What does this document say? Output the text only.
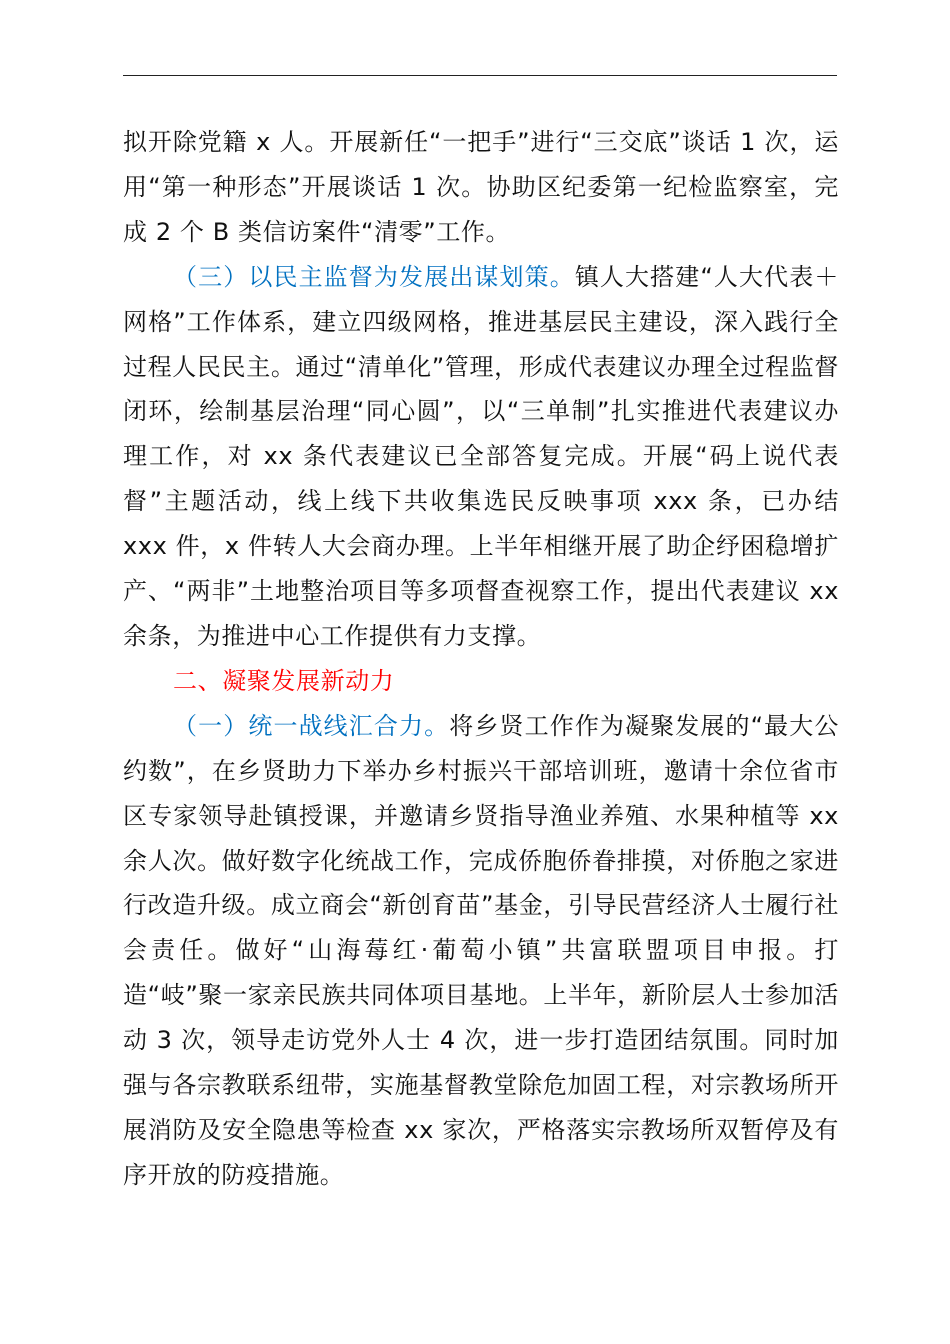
拟开除党籍 x 人。开展新任“一把手”进行“三交底”谈话 1 次，运用“第一种形态”开展谈话 1 次。协助区纪委第一纪检监察室，完成 2 个 B 类信访案件“清零”工作。

（三）以民主监督为发展出谋划策。镇人大搭建“人大代表＋网格”工作体系，建立四级网格，推进基层民主建设，深入践行全过程人民民主。通过“清单化”管理，形成代表建议办理全过程监督闭环，绘制基层治理“同心圆”，以“三单制”扎实推进代表建议办理工作，对 xx 条代表建议已全部答复完成。开展“码上说代表督”主题活动，线上线下共收集选民反映事项 xxx 条，已办结 xxx 件，x 件转人大会商办理。上半年相继开展了助企纾困稳增扩产、“两非”土地整治项目等多项督查视察工作，提出代表建议 xx 余条，为推进中心工作提供有力支撑。

二、凝聚发展新动力

（一）统一战线汇合力。将乡贤工作作为凝聚发展的“最大公约数”，在乡贤助力下举办乡村振兴干部培训班，邀请十余位省市区专家领导赴镇授课，并邀请乡贤指导渔业养殖、水果种植等 xx 余人次。做好数字化统战工作，完成侨胞侨眷排摸，对侨胞之家进行改造升级。成立商会“新创育苗”基金，引导民营经济人士履行社会责任。做好“山海莓红·葡萄小镇”共富联盟项目申报。打造“岐”聚一家亲民族共同体项目基地。上半年，新阶层人士参加活动 3 次，领导走访党外人士 4 次，进一步打造团结氛围。同时加强与各宗教联系纽带，实施基督教堂除危加固工程，对宗教场所开展消防及安全隐患等检查 xx 家次，严格落实宗教场所双暂停及有序开放的防疫措施。
